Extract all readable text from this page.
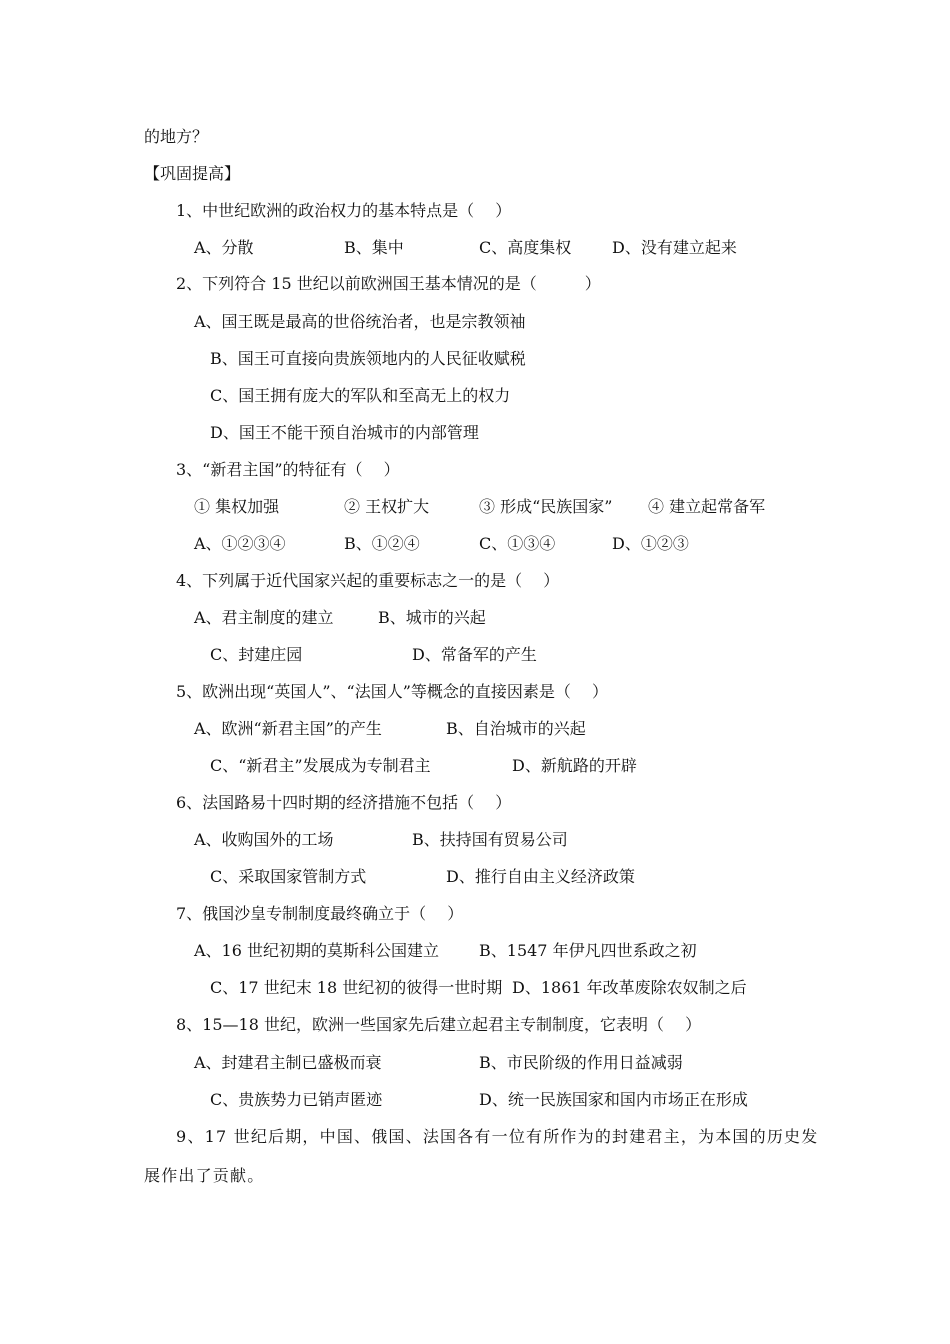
的地方？
【巩固提高】
1、中世纪欧洲的政治权力的基本特点是（　 ）
A、分散	B、集中	C、高度集权	D、没有建立起来
2、下列符合 15 世纪以前欧洲国王基本情况的是（　　　）
A、国王既是最高的世俗统治者，也是宗教领袖
B、国王可直接向贵族领地内的人民征收赋税
C、国王拥有庞大的军队和至高无上的权力
D、国王不能干预自治城市的内部管理
3、“新君主国”的特征有（　 ）
① 集权加强	② 王权扩大	③ 形成“民族国家” ④ 建立起常备军
A、①②③④	B、①②④	C、①③④	D、①②③
4、下列属于近代国家兴起的重要标志之一的是（　 ）
A、君主制度的建立	B、城市的兴起
C、封建庄园	D、常备军的产生
5、欧洲出现“英国人”、“法国人”等概念的直接因素是（　 ）
A、欧洲“新君主国”的产生	B、自治城市的兴起
C、“新君主”发展成为专制君主	D、新航路的开辟
6、法国路易十四时期的经济措施不包括（　 ）
A、收购国外的工场	B、扶持国有贸易公司
C、采取国家管制方式	D、推行自由主义经济政策
7、俄国沙皇专制制度最终确立于（　 ）
A、16 世纪初期的莫斯科公国建立 B、1547 年伊凡四世系政之初
C、17 世纪末 18 世纪初的彼得一世时期 D、1861 年改革废除农奴制之后
8、15—18 世纪，欧洲一些国家先后建立起君主专制制度，它表明（　 ）
A、封建君主制已盛极而衰	B、市民阶级的作用日益减弱
C、贵族势力已销声匿迹	D、统一民族国家和国内市场正在形成
9、17 世纪后期，中国、俄国、法国各有一位有所作为的封建君主，为本国的历史发
展作出了贡献。
